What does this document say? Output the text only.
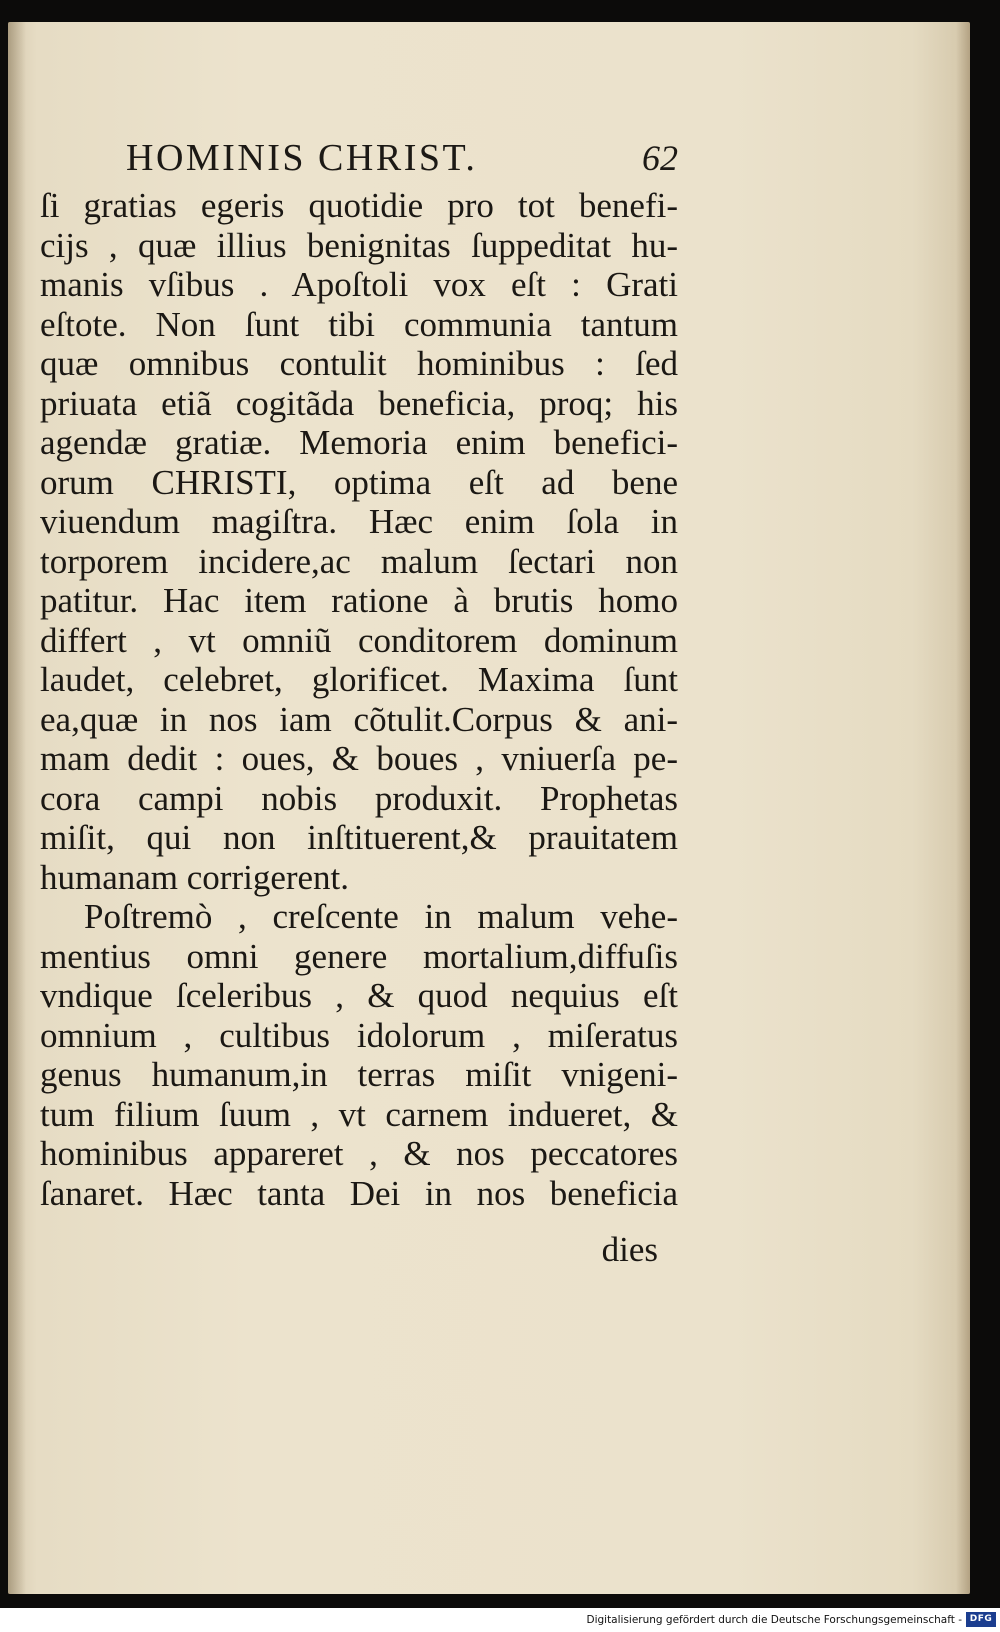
HOMINIS CHRIST.	62
ſi gratias egeris quotidie pro tot benefi-
cijs , quæ illius benignitas ſuppeditat hu-
manis vſibus . Apoſtoli vox eſt : Grati
eſtote. Non ſunt tibi communia tantum
quæ omnibus contulit hominibus : ſed
priuata etiã cogitãda beneficia, proq; his
agendæ gratiæ. Memoria enim benefici-
orum CHRISTI, optima eſt ad bene
viuendum magiſtra. Hæc enim ſola in
torporem incidere,ac malum ſectari non
patitur. Hac item ratione à brutis homo
differt , vt omniũ conditorem dominum
laudet, celebret, glorificet. Maxima ſunt
ea,quæ in nos iam cõtulit.Corpus & ani-
mam dedit : oues, & boues , vniuerſa pe-
cora campi nobis produxit. Prophetas
miſit, qui non inſtituerent,& prauitatem
humanam corrigerent.
Poſtremò , creſcente in malum vehe-
mentius omni genere mortalium,diffuſis
vndique ſceleribus , & quod nequius eſt
omnium , cultibus idolorum , miſeratus
genus humanum,in terras miſit vnigeni-
tum filium ſuum , vt carnem indueret, &
hominibus appareret , & nos peccatores
ſanaret. Hæc tanta Dei in nos beneficia
dies
Digitalisierung gefördert durch die Deutsche Forschungsgemeinschaft - DFG
